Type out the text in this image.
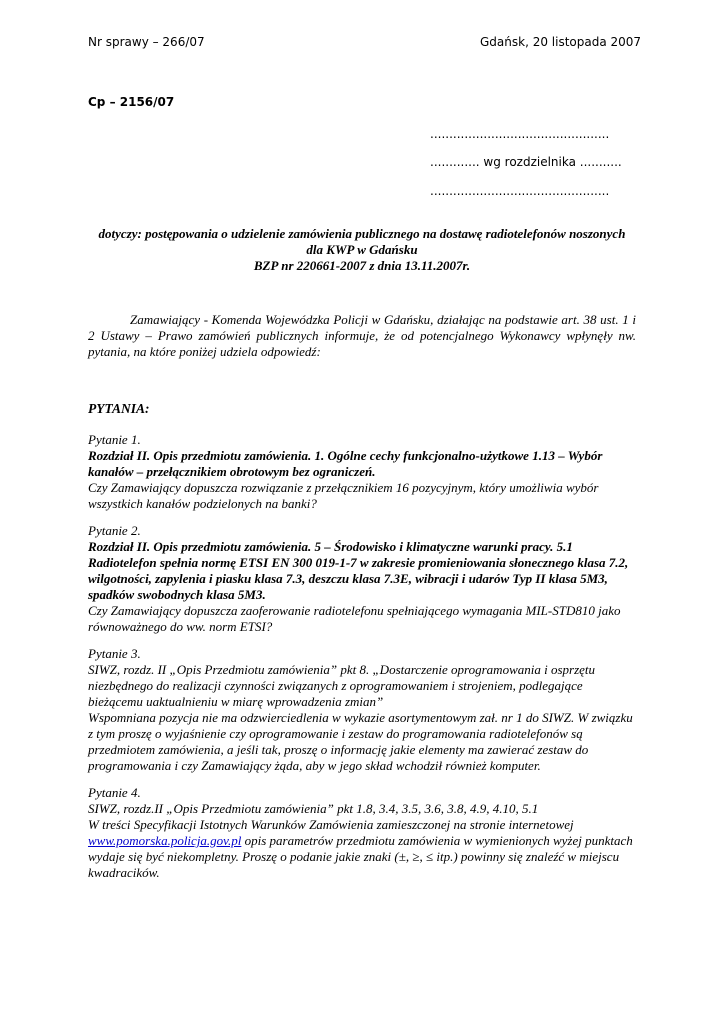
Nr sprawy – 266/07	Gdańsk, 20 listopada 2007
Cp – 2156/07
...............................................
............. wg rozdzielnika ...........
...............................................
dotyczy: postępowania o udzielenie zamówienia publicznego na dostawę radiotelefonów noszonych
dla KWP w Gdańsku
BZP nr 220661-2007 z dnia 13.11.2007r.
Zamawiający - Komenda Wojewódzka Policji w Gdańsku, działając na podstawie art. 38 ust. 1 i 2 Ustawy – Prawo zamówień publicznych informuje, że od potencjalnego Wykonawcy wpłynęły nw. pytania, na które poniżej udziela odpowiedź:
PYTANIA:

Pytanie 1.

Rozdział II. Opis przedmiotu zamówienia. 1. Ogólne cechy funkcjonalno-użytkowe 1.13 – Wybór kanałów – przełącznikiem obrotowym bez ograniczeń.

Czy Zamawiający dopuszcza rozwiązanie z przełącznikiem 16 pozycyjnym, który umożliwia wybór wszystkich kanałów podzielonych na banki?

Pytanie 2.

Rozdział II. Opis przedmiotu zamówienia. 5 – Środowisko i klimatyczne warunki pracy. 5.1 Radiotelefon spełnia normę ETSI EN 300 019-1-7 w zakresie promieniowania słonecznego klasa 7.2, wilgotności, zapylenia i piasku klasa 7.3, deszczu klasa 7.3E, wibracji i udarów Typ II klasa 5M3, spadków swobodnych klasa 5M3.

Czy Zamawiający dopuszcza zaoferowanie radiotelefonu spełniającego wymagania MIL-STD810 jako równoważnego do ww. norm ETSI?

Pytanie 3.

SIWZ, rozdz. II „Opis Przedmiotu zamówienia” pkt 8. „Dostarczenie oprogramowania i osprzętu niezbędnego do realizacji czynności związanych z oprogramowaniem i strojeniem, podlegające bieżącemu uaktualnieniu w miarę wprowadzenia zmian”

Wspomniana pozycja nie ma odzwierciedlenia w wykazie asortymentowym zał. nr 1 do SIWZ. W związku z tym proszę o wyjaśnienie czy oprogramowanie i zestaw do programowania radiotelefonów są przedmiotem zamówienia, a jeśli tak, proszę o informację jakie elementy ma zawierać zestaw do programowania i czy Zamawiający żąda, aby w jego skład wchodził również komputer.

Pytanie 4.

SIWZ, rozdz.II „Opis Przedmiotu zamówienia” pkt 1.8, 3.4, 3.5, 3.6, 3.8, 4.9, 4.10, 5.1

W treści Specyfikacji Istotnych Warunków Zamówienia zamieszczonej na stronie internetowej
www.pomorska.policja.gov.pl opis parametrów przedmiotu zamówienia w wymienionych wyżej punktach wydaje się być niekompletny. Proszę o podanie jakie znaki (±, ≥, ≤ itp.) powinny się znaleźć w miejscu kwadracików.
